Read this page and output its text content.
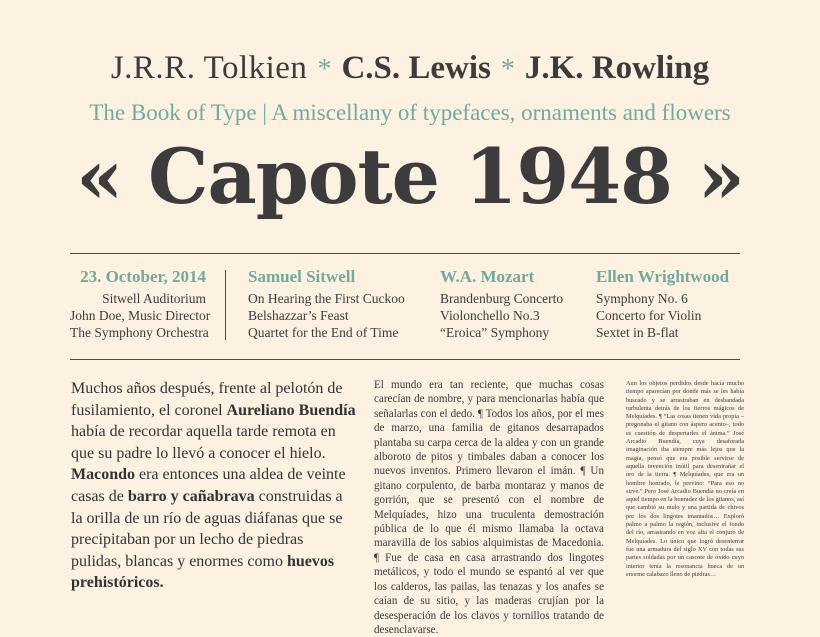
J.R.R. Tolkien * C.S. Lewis * J.K. Rowling
The Book of Type | A miscellany of typefaces, ornaments and flowers
« Capote 1948 »
23. October, 2014
Sitwell Auditorium
John Doe, Music Director
The Symphony Orchestra
Samuel Sitwell
On Hearing the First Cuckoo
Belshazzar’s Feast
Quartet for the End of Time
W.A. Mozart
Brandenburg Concerto
Violonchello No.3
“Eroica” Symphony
Ellen Wrightwood
Symphony No. 6
Concerto for Violin
Sextet in B-flat

Muchos años después, frente al pelotón de fusilamiento, el coronel Aureliano Buendía había de recordar aquella tarde remota en que su padre lo llevó a conocer el hielo. Macondo era entonces una aldea de veinte casas de barro y cañabrava construidas a la orilla de un río de aguas diáfanas que se precipitaban por un lecho de piedras pulidas, blancas y enormes como huevos prehistóricos.

El mundo era tan reciente, que muchas cosas carecían de nombre, y para mencionarlas había que señalarlas con el dedo. ¶ Todos los años, por el mes de marzo, una familia de gitanos desarrapados plantaba su carpa cerca de la aldea y con un grande alboroto de pitos y timbales daban a conocer los nuevos inventos. Primero llevaron el imán. ¶ Un gitano corpulento, de barba montaraz y manos de gorrión, que se presentó con el nombre de Melquíades, hizo una truculenta demostración pública de lo que él mismo llamaba la octava maravilla de los sabios alquimistas de Macedonia. ¶ Fue de casa en casa arrastrando dos lingotes metálicos, y todo el mundo se espantó al ver que los calderos, las pailas, las tenazas y los anafes se caían de su sitio, y las maderas crujían por la desesperación de los clavos y tornillos tratando de desenclavarse.

Aun los objetos perdidos desde hacía mucho tiempo aparecían por donde más se les había buscado y se arrastraban en desbandada turbulenta detrás de los fierros mágicos de Melquíades. ¶ “Las cosas tienen vida propia –pregonaba el gitano con áspero acento–, todo es cuestión de despertarles el ánima.” José Arcadio Buendía, cuya desaforada imaginación iba siempre más lejos que la magia, pensó que era posible servirse de aquella invención inútil para desentrañar el oro de la tierra. ¶ Melquíades, que era un hombre honrado, le previno: “Para eso no sirve.” Pero José Arcadio Buendía no creía en aquel tiempo en la honradez de los gitanos, así que cambió su mulo y una partida de chivos por los dos lingotes imantados… Exploró palmo a palmo la región, inclusive el fondo del río, arrastrando en voz alta el conjuro de Melquíades. Lo único que logró desenterrar fue una armadura del siglo XV con todas sus partes soldadas por un cascote de óxido cuyo interior tenía la resonancia hueca de un enorme calabazo lleno de piedras…
